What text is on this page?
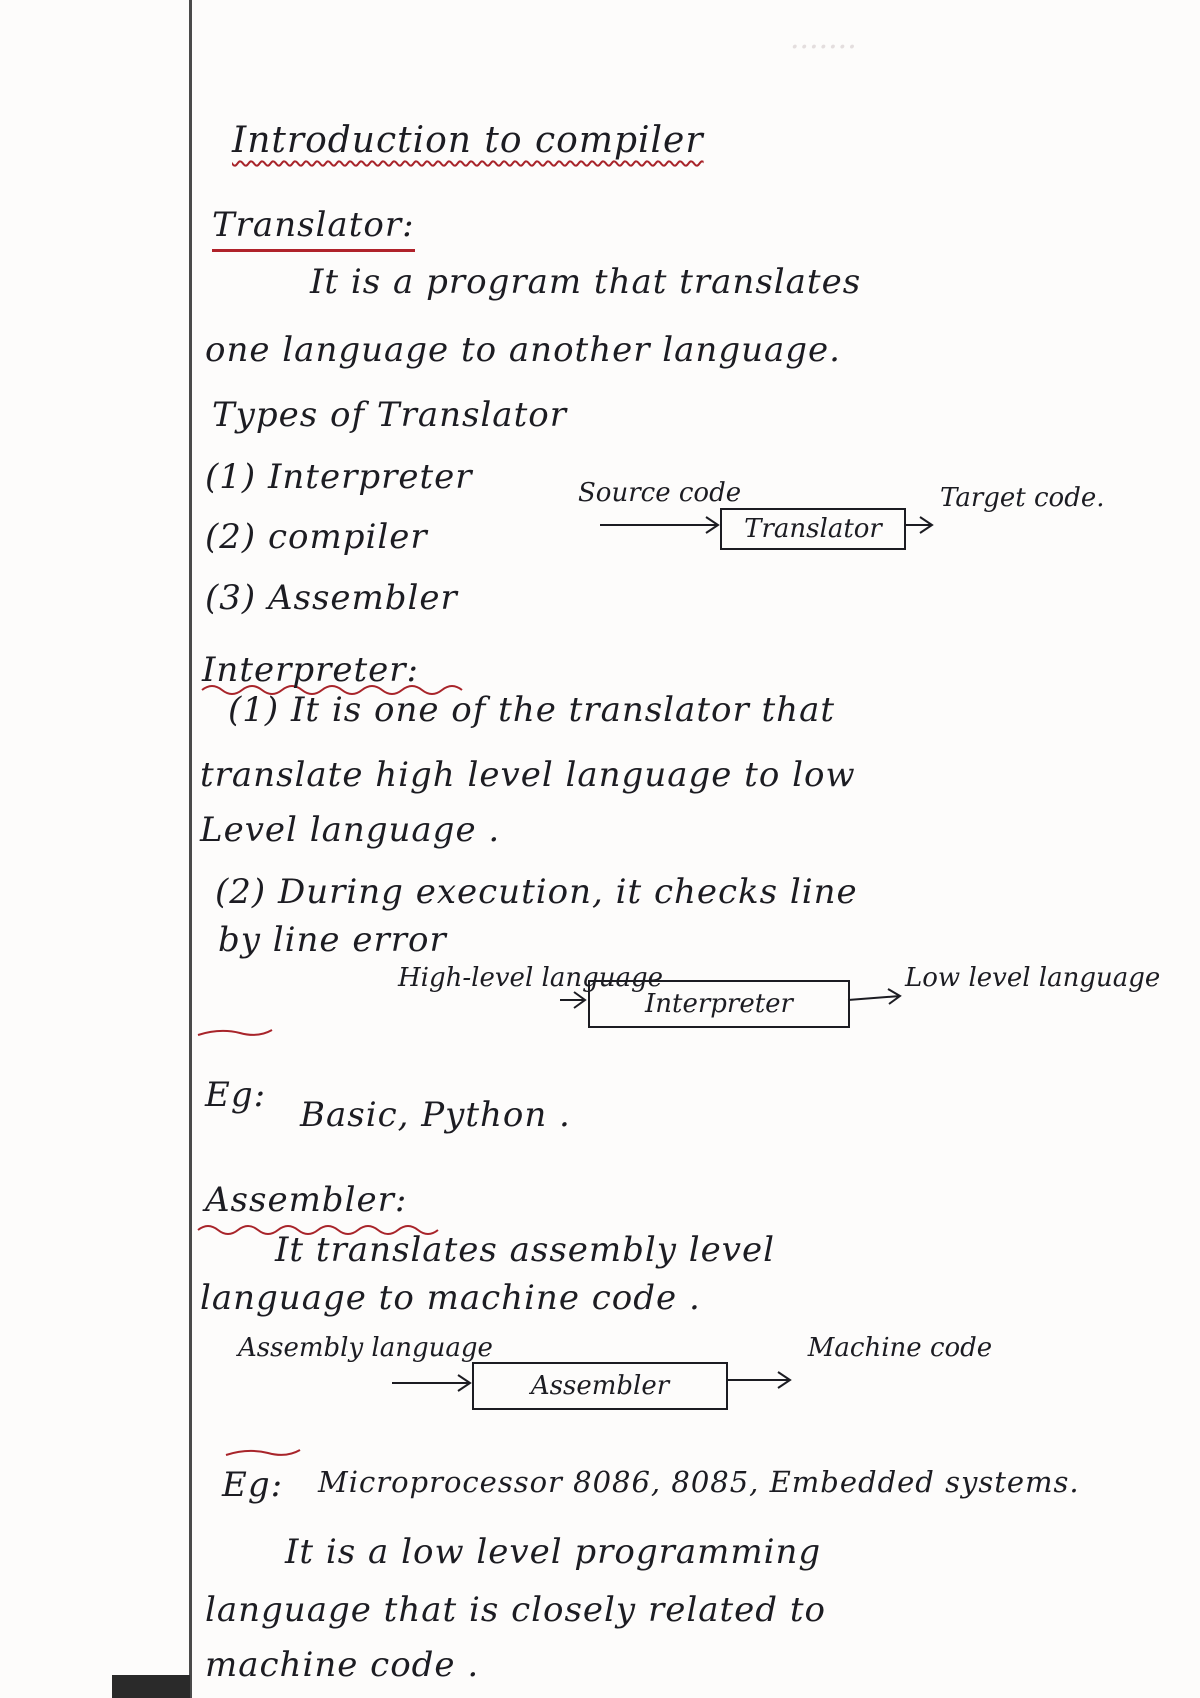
·······
Introduction to compiler
Translator:
It is a program that translates
one language to another language.
Types of Translator
(1) Interpreter
(2) compiler
(3) Assembler
Source code
Translator
Target code.
Interpreter:
(1) It is one of the translator that
translate high level language to low
Level language .
(2) During execution, it checks line
by line error
High-level language
Interpreter
Low level language
Eg: Basic, Python .
Assembler:
It translates assembly level
language to machine code .
Assembly language
Assembler
Machine code
Eg: Microprocessor 8086, 8085, Embedded systems.
It is a low level programming
language that is closely related to
machine code .
